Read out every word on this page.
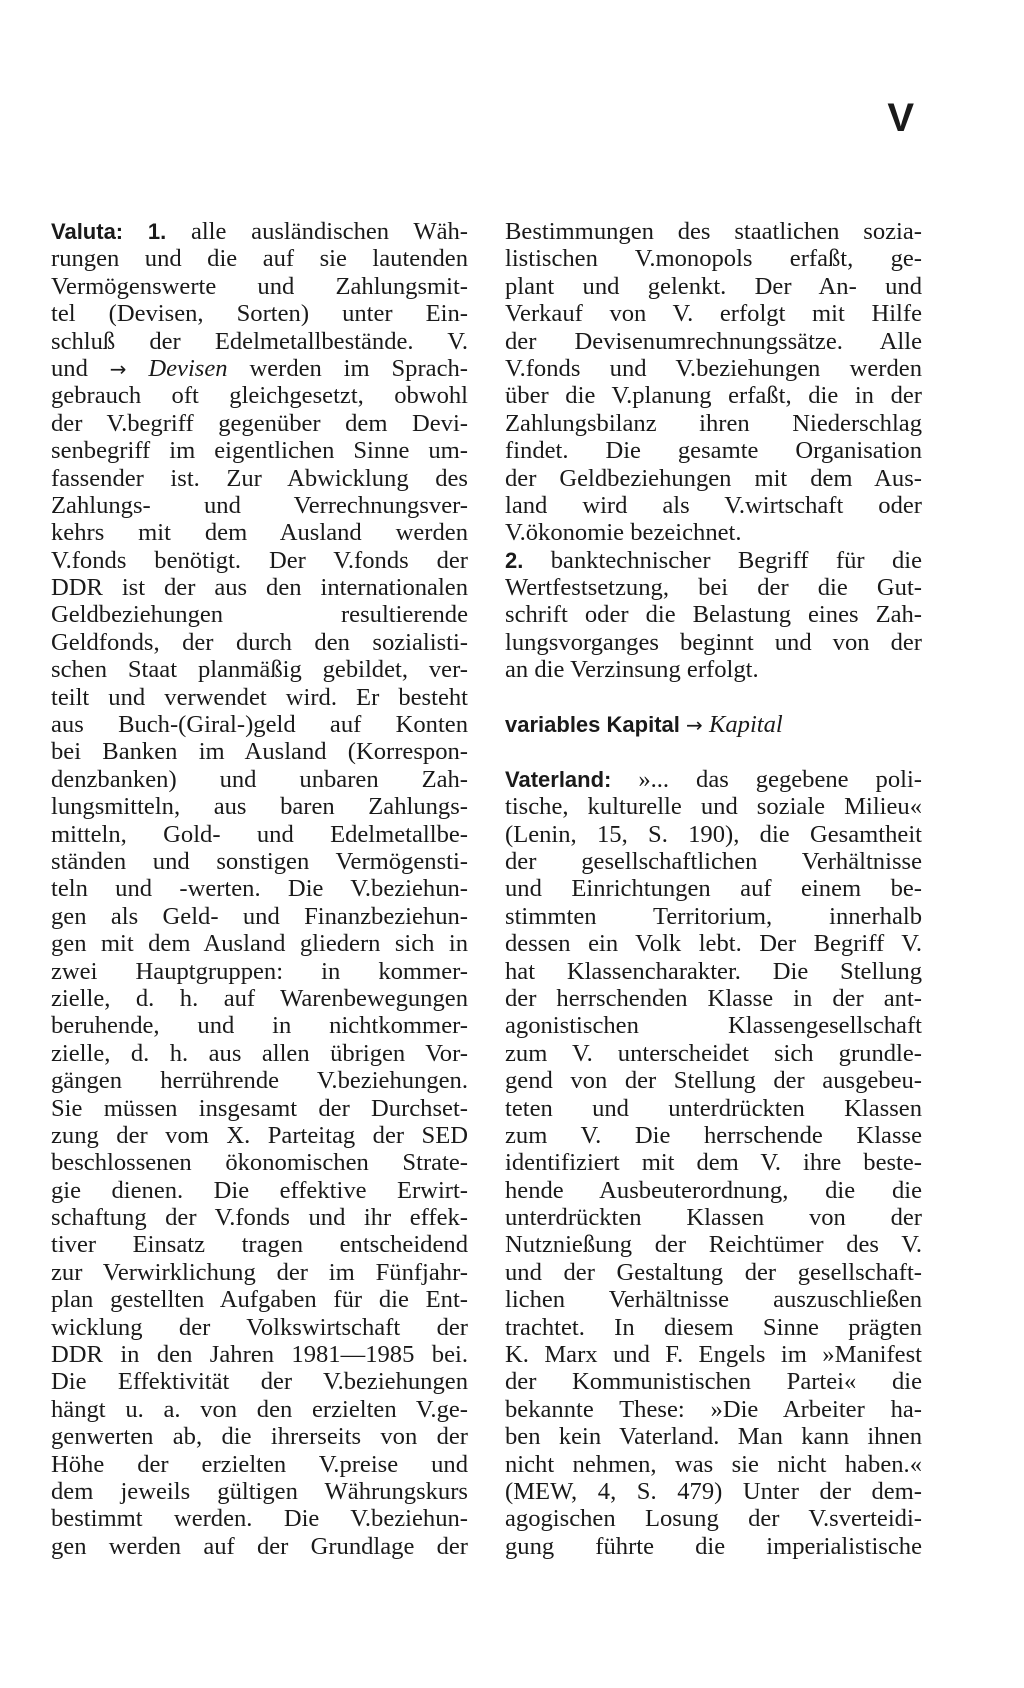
V
Valuta: 1. alle ausländischen Wäh-
rungen und die auf sie lautenden
Vermögenswerte und Zahlungsmit-
tel (Devisen, Sorten) unter Ein-
schluß der Edelmetallbestände. V.
und → Devisen werden im Sprach-
gebrauch oft gleichgesetzt, obwohl
der V.begriff gegenüber dem Devi-
senbegriff im eigentlichen Sinne um-
fassender ist. Zur Abwicklung des
Zahlungs- und Verrechnungsver-
kehrs mit dem Ausland werden
V.fonds benötigt. Der V.fonds der
DDR ist der aus den internationalen
Geldbeziehungen resultierende
Geldfonds, der durch den sozialisti-
schen Staat planmäßig gebildet, ver-
teilt und verwendet wird. Er besteht
aus Buch-(Giral-)geld auf Konten
bei Banken im Ausland (Korrespon-
denzbanken) und unbaren Zah-
lungsmitteln, aus baren Zahlungs-
mitteln, Gold- und Edelmetallbe-
ständen und sonstigen Vermögensti-
teln und -werten. Die V.beziehun-
gen als Geld- und Finanzbeziehun-
gen mit dem Ausland gliedern sich in
zwei Hauptgruppen: in kommer-
zielle, d. h. auf Warenbewegungen
beruhende, und in nichtkommer-
zielle, d. h. aus allen übrigen Vor-
gängen herrührende V.beziehungen.
Sie müssen insgesamt der Durchset-
zung der vom X. Parteitag der SED
beschlossenen ökonomischen Strate-
gie dienen. Die effektive Erwirt-
schaftung der V.fonds und ihr effek-
tiver Einsatz tragen entscheidend
zur Verwirklichung der im Fünfjahr-
plan gestellten Aufgaben für die Ent-
wicklung der Volkswirtschaft der
DDR in den Jahren 1981—1985 bei.
Die Effektivität der V.beziehungen
hängt u. a. von den erzielten V.ge-
genwerten ab, die ihrerseits von der
Höhe der erzielten V.preise und
dem jeweils gültigen Währungskurs
bestimmt werden. Die V.beziehun-
gen werden auf der Grundlage der
Bestimmungen des staatlichen sozia-
listischen V.monopols erfaßt, ge-
plant und gelenkt. Der An- und
Verkauf von V. erfolgt mit Hilfe
der Devisenumrechnungssätze. Alle
V.fonds und V.beziehungen werden
über die V.planung erfaßt, die in der
Zahlungsbilanz ihren Niederschlag
findet. Die gesamte Organisation
der Geldbeziehungen mit dem Aus-
land wird als V.wirtschaft oder
V.ökonomie bezeichnet.
2. banktechnischer Begriff für die
Wertfestsetzung, bei der die Gut-
schrift oder die Belastung eines Zah-
lungsvorganges beginnt und von der
an die Verzinsung erfolgt.
variables Kapital → Kapital
Vaterland: »... das gegebene poli-
tische, kulturelle und soziale Milieu«
(Lenin, 15, S. 190), die Gesamtheit
der gesellschaftlichen Verhältnisse
und Einrichtungen auf einem be-
stimmten Territorium, innerhalb
dessen ein Volk lebt. Der Begriff V.
hat Klassencharakter. Die Stellung
der herrschenden Klasse in der ant-
agonistischen Klassengesellschaft
zum V. unterscheidet sich grundle-
gend von der Stellung der ausgebeu-
teten und unterdrückten Klassen
zum V. Die herrschende Klasse
identifiziert mit dem V. ihre beste-
hende Ausbeuterordnung, die die
unterdrückten Klassen von der
Nutznießung der Reichtümer des V.
und der Gestaltung der gesellschaft-
lichen Verhältnisse auszuschließen
trachtet. In diesem Sinne prägten
K. Marx und F. Engels im »Manifest
der Kommunistischen Partei« die
bekannte These: »Die Arbeiter ha-
ben kein Vaterland. Man kann ihnen
nicht nehmen, was sie nicht haben.«
(MEW, 4, S. 479) Unter der dem-
agogischen Losung der V.sverteidi-
gung führte die imperialistische
